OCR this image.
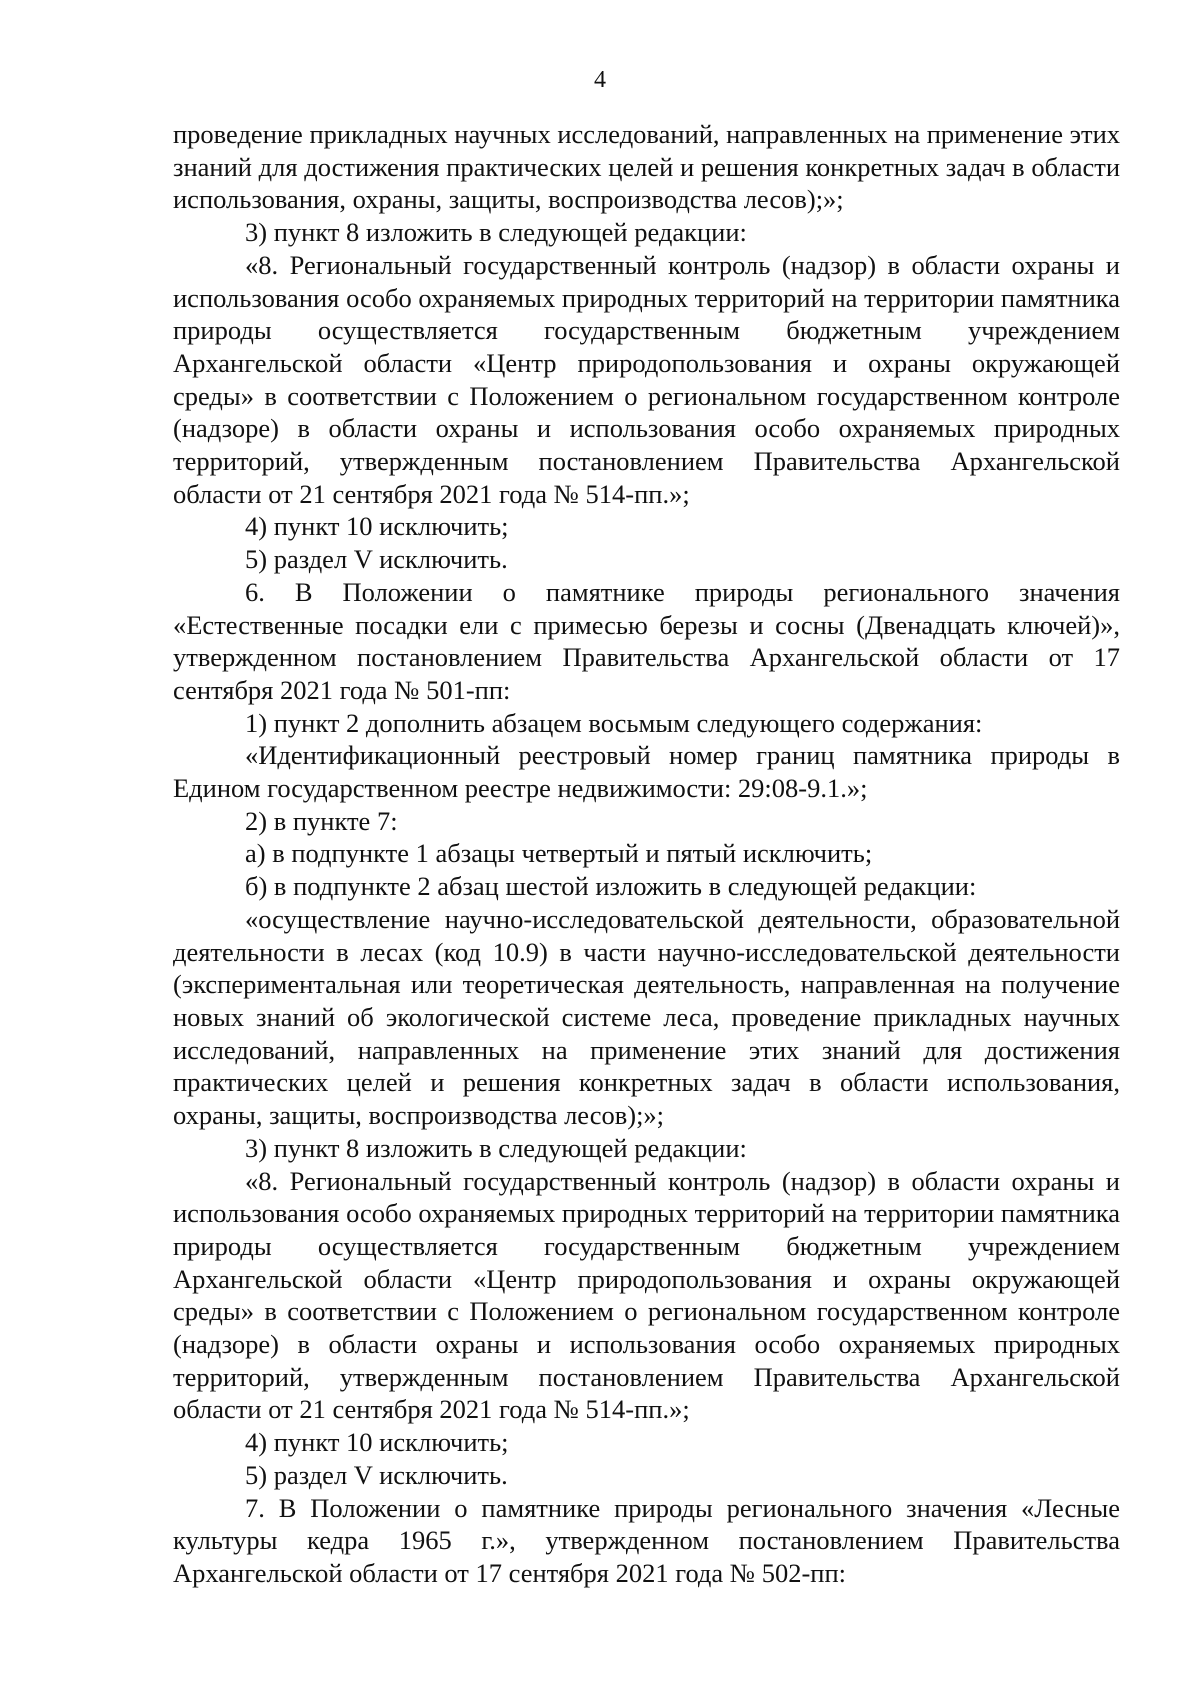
4

проведение прикладных научных исследований, направленных на применение этих знаний для достижения практических целей и решения конкретных задач в области использования, охраны, защиты, воспроизводства лесов);»;

3) пункт 8 изложить в следующей редакции:

«8. Региональный государственный контроль (надзор) в области охраны и использования особо охраняемых природных территорий на территории памятника природы осуществляется государственным бюджетным учреждением Архангельской области «Центр природопользования и охраны окружающей среды» в соответствии с Положением о региональном государственном контроле (надзоре) в области охраны и использования особо охраняемых природных территорий, утвержденным постановлением Правительства Архангельской области от 21 сентября 2021 года № 514-пп.»;

4) пункт 10 исключить;

5) раздел V исключить.

6. В Положении о памятнике природы регионального значения «Естественные посадки ели с примесью березы и сосны (Двенадцать ключей)», утвержденном постановлением Правительства Архангельской области от 17 сентября 2021 года № 501-пп:

1) пункт 2 дополнить абзацем восьмым следующего содержания:

«Идентификационный реестровый номер границ памятника природы в Едином государственном реестре недвижимости: 29:08-9.1.»;

2) в пункте 7:

а) в подпункте 1 абзацы четвертый и пятый исключить;

б) в подпункте 2 абзац шестой изложить в следующей редакции:

«осуществление научно-исследовательской деятельности, образовательной деятельности в лесах (код 10.9) в части научно-исследовательской деятельности (экспериментальная или теоретическая деятельность, направленная на получение новых знаний об экологической системе леса, проведение прикладных научных исследований, направленных на применение этих знаний для достижения практических целей и решения конкретных задач в области использования, охраны, защиты, воспроизводства лесов);»;

3) пункт 8 изложить в следующей редакции:

«8. Региональный государственный контроль (надзор) в области охраны и использования особо охраняемых природных территорий на территории памятника природы осуществляется государственным бюджетным учреждением Архангельской области «Центр природопользования и охраны окружающей среды» в соответствии с Положением о региональном государственном контроле (надзоре) в области охраны и использования особо охраняемых природных территорий, утвержденным постановлением Правительства Архангельской области от 21 сентября 2021 года № 514-пп.»;

4) пункт 10 исключить;

5) раздел V исключить.

7. В Положении о памятнике природы регионального значения «Лесные культуры кедра 1965 г.», утвержденном постановлением Правительства Архангельской области от 17 сентября 2021 года № 502-пп:
